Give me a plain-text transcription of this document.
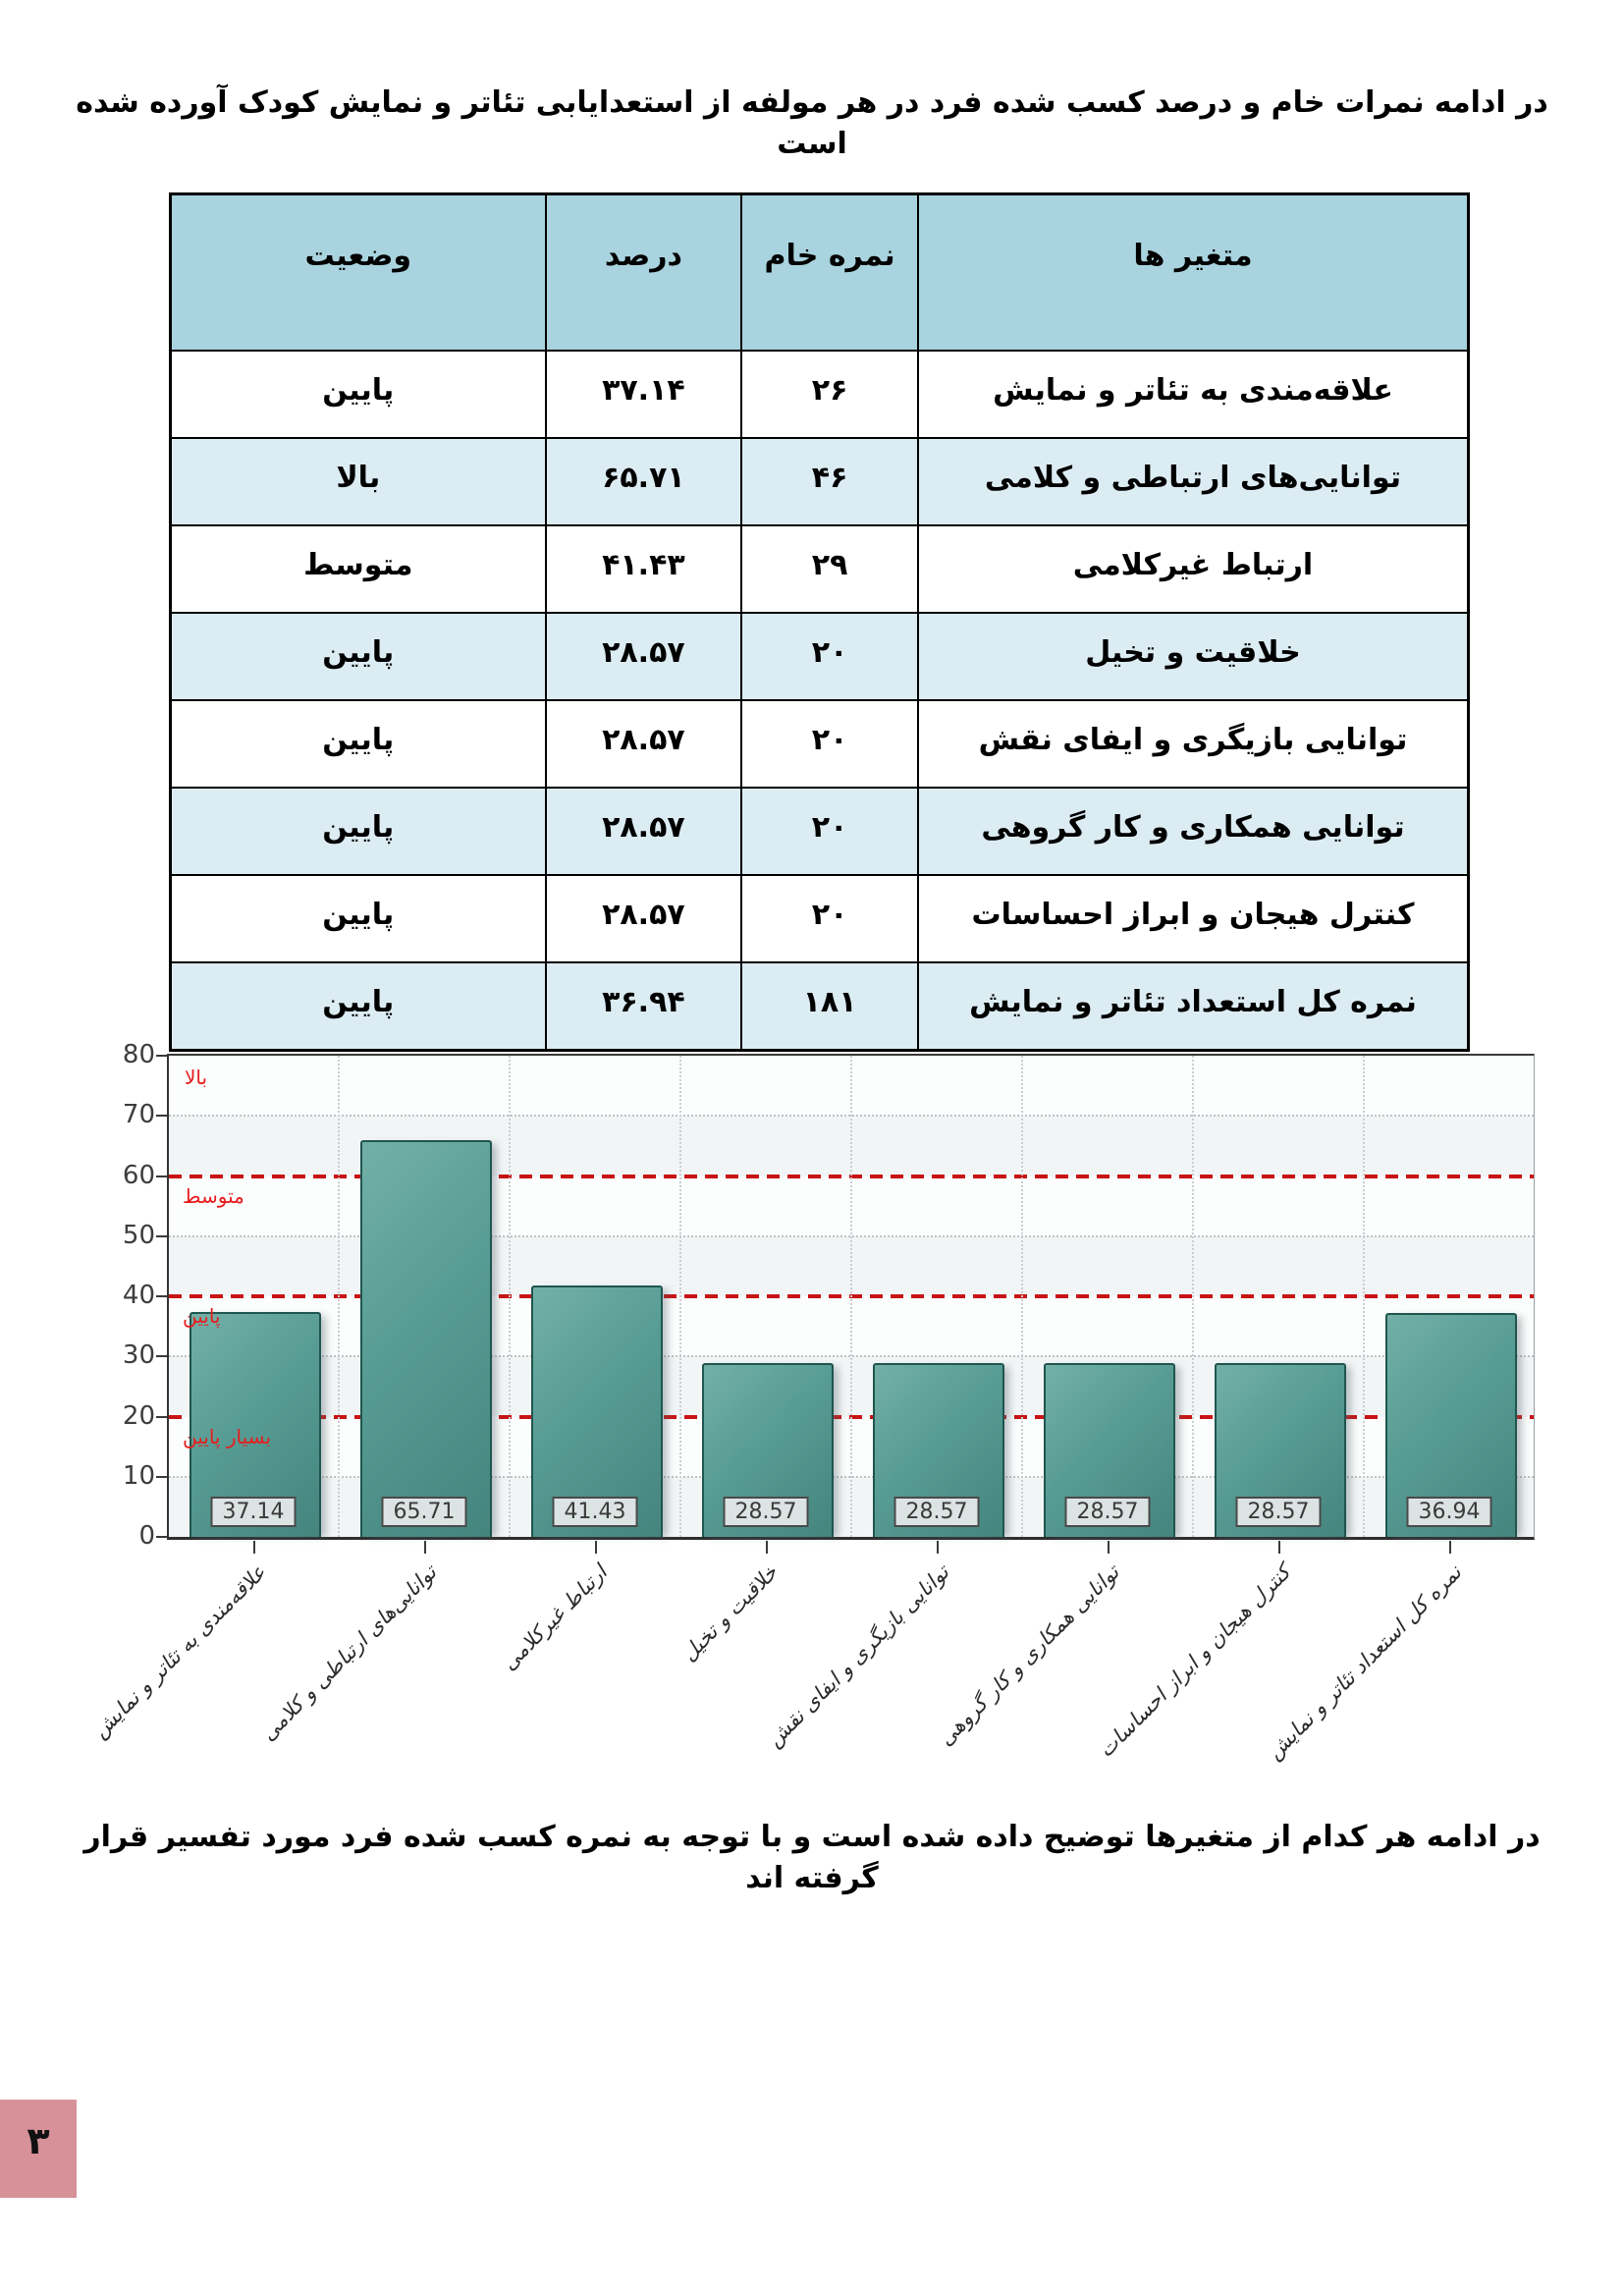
در ادامه نمرات خام و درصد کسب شده فرد در هر مولفه از استعدایابی تئاتر و نمایش کودک آورده شده است
متغیر ها	نمره خام	درصد	وضعیت
علاقه‌مندی به تئاتر و نمایش	۲۶	۳۷.۱۴	پایین
توانایی‌های ارتباطی و کلامی	۴۶	۶۵.۷۱	بالا
ارتباط غیرکلامی	۲۹	۴۱.۴۳	متوسط
خلاقیت و تخیل	۲۰	۲۸.۵۷	پایین
توانایی بازیگری و ایفای نقش	۲۰	۲۸.۵۷	پایین
توانایی همکاری و کار گروهی	۲۰	۲۸.۵۷	پایین
کنترل هیجان و ابراز احساسات	۲۰	۲۸.۵۷	پایین
نمره کل استعداد تئاتر و نمایش	۱۸۱	۳۶.۹۴	پایین
متوسط
پایین
بسیار پایین
بالا
0
10
20
30
40
50
60
70
80
37.14
علاقه‌مندی به تئاتر و نمایش
65.71
توانایی‌های ارتباطی و کلامی
41.43
ارتباط غیرکلامی
28.57
خلاقیت و تخیل
28.57
توانایی بازیگری و ایفای نقش
28.57
توانایی همکاری و کار گروهی
28.57
کنترل هیجان و ابراز احساسات
36.94
نمره کل استعداد تئاتر و نمایش
در ادامه هر کدام از متغیرها توضیح داده شده است و با توجه به نمره کسب شده فرد مورد تفسیر قرار گرفته اند
۳
